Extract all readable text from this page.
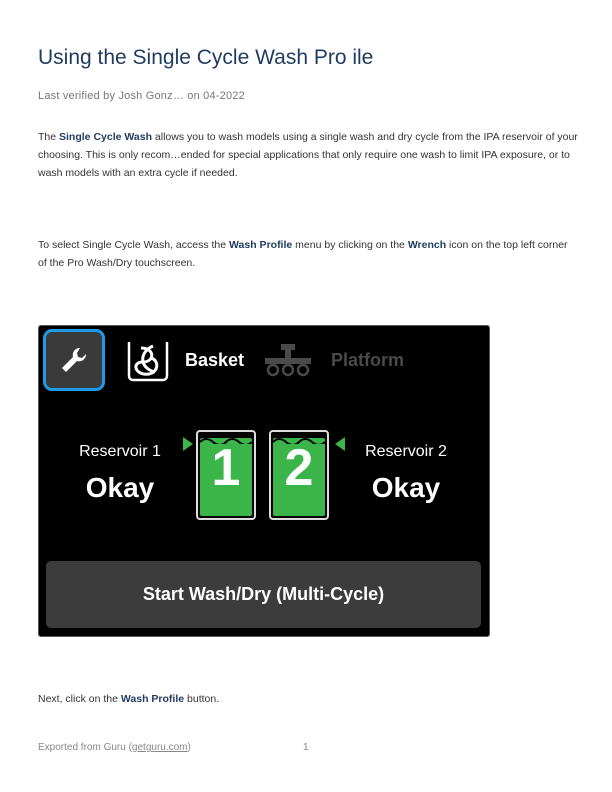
Using the Single Cycle Wash Pro ile
Last verified by Josh Gonz… on 04-2022

The Single Cycle Wash allows you to wash models using a single wash and dry cycle from the IPA reservoir of your choosing. This is only recom…ended for special applications that only require one wash to limit IPA exposure, or to wash models with an extra cycle if needed.

To select Single Cycle Wash, access the Wash Profile menu by clicking on the Wrench icon on the top left corner of the Pro Wash/Dry touchscreen.

Basket	Platform
Reservoir 1
Okay	1 2	Reservoir 2
Okay
Start Wash/Dry (Multi-Cycle)

Next, click on the Wash Profile button.

Exported from Guru (getguru.com)	1
